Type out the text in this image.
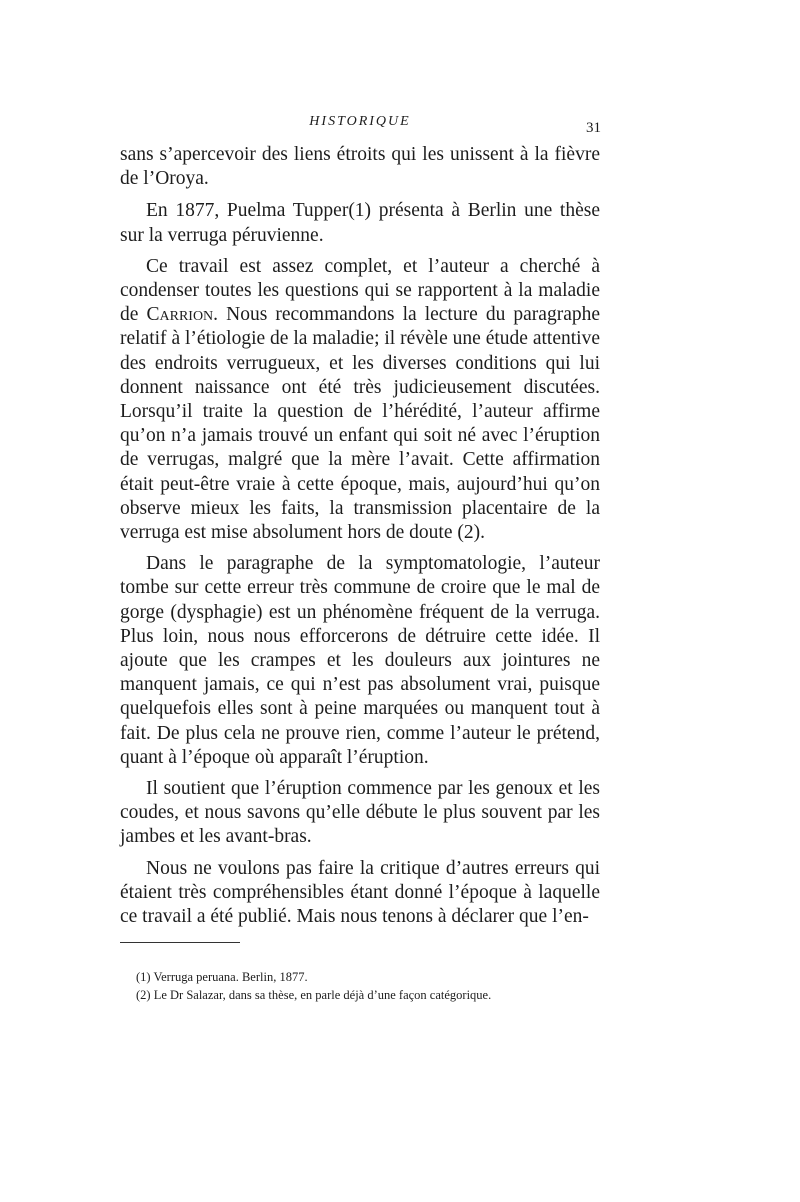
HISTORIQUE	31

sans s’apercevoir des liens étroits qui les unissent à la fièvre de l’Oroya.

En 1877, Puelma Tupper(1) présenta à Berlin une thèse sur la verruga péruvienne.

Ce travail est assez complet, et l’auteur a cherché à condenser toutes les questions qui se rapportent à la maladie de Carrion. Nous recommandons la lecture du paragraphe relatif à l’étiologie de la maladie; il révèle une étude attentive des endroits verrugueux, et les diverses conditions qui lui donnent naissance ont été très judicieusement discutées. Lorsqu’il traite la question de l’hérédité, l’auteur affirme qu’on n’a jamais trouvé un enfant qui soit né avec l’éruption de verrugas, malgré que la mère l’avait. Cette affirmation était peut-être vraie à cette époque, mais, aujourd’hui qu’on observe mieux les faits, la transmission placentaire de la verruga est mise absolument hors de doute (2).

Dans le paragraphe de la symptomatologie, l’auteur tombe sur cette erreur très commune de croire que le mal de gorge (dysphagie) est un phénomène fréquent de la verruga. Plus loin, nous nous efforcerons de détruire cette idée. Il ajoute que les crampes et les douleurs aux jointures ne manquent jamais, ce qui n’est pas absolument vrai, puisque quelquefois elles sont à peine marquées ou manquent tout à fait. De plus cela ne prouve rien, comme l’auteur le prétend, quant à l’époque où apparaît l’éruption.

Il soutient que l’éruption commence par les genoux et les coudes, et nous savons qu’elle débute le plus souvent par les jambes et les avant-bras.

Nous ne voulons pas faire la critique d’autres erreurs qui étaient très compréhensibles étant donné l’époque à laquelle ce travail a été publié. Mais nous tenons à déclarer que l’en-

(1) Verruga peruana. Berlin, 1877.
(2) Le Dr Salazar, dans sa thèse, en parle déjà d’une façon catégorique.
